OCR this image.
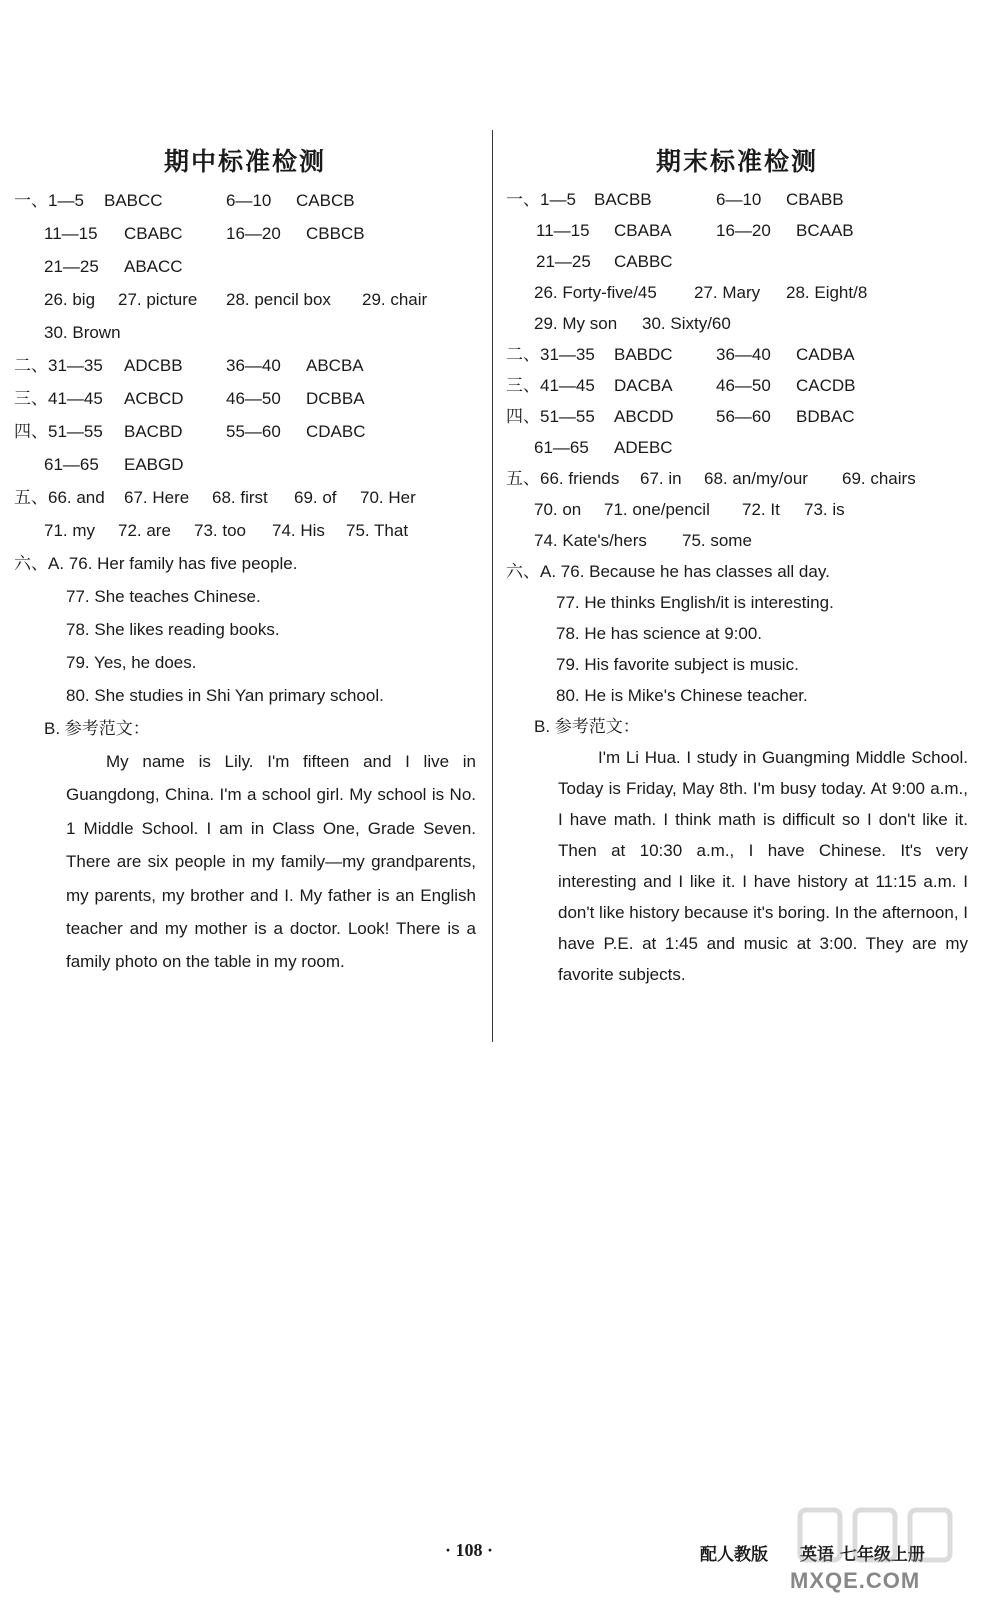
期中标准检测
一、1—5 BABCC	6—10 CABCB
11—15 CBABC	16—20 CBBCB
21—25 ABACC
26. big 27. picture 28. pencil box 29. chair
30. Brown
二、31—35 ADCBB	36—40 ABCBA
三、41—45 ACBCD 46—50 DCBBA
四、51—55 BACBD	55—60 CDABC
61—65 EABGD
五、66. and 67. Here 68. first 69. of 70. Her
71. my 72. are 73. too 74. His 75. That
六、A. 76. Her family has five people.
77. She teaches Chinese.
78. She likes reading books.
79. Yes, he does.
80. She studies in Shi Yan primary school.
B. 参考范文：

My name is Lily. I'm fifteen and I live in Guangdong, China. I'm a school girl. My school is No. 1 Middle School. I am in Class One, Grade Seven. There are six people in my family—my grandparents, my parents, my brother and I. My father is an English teacher and my mother is a doctor. Look! There is a family photo on the table in my room.

期末标准检测
一、1—5 BACBB	6—10 CBABB
11—15 CBABA	16—20 BCAAB
21—25 CABBC
26. Forty-five/45 27. Mary 28. Eight/8
29. My son 30. Sixty/60
二、31—35 BABDC	36—40 CADBA
三、41—45 DACBA	46—50 CACDB
四、51—55 ABCDD 56—60 BDBAC
61—65 ADEBC
五、66. friends 67. in 68. an/my/our 69. chairs
70. on 71. one/pencil 72. It 73. is
74. Kate's/hers 75. some
六、A. 76. Because he has classes all day.
77. He thinks English/it is interesting.
78. He has science at 9:00.
79. His favorite subject is music.
80. He is Mike's Chinese teacher.
B. 参考范文：

I'm Li Hua. I study in Guangming Middle School. Today is Friday, May 8th. I'm busy today. At 9:00 a.m., I have math. I think math is difficult so I don't like it. Then at 10:30 a.m., I have Chinese. It's very interesting and I like it. I have history at 11:15 a.m. I don't like history because it's boring. In the afternoon, I have P.E. at 1:45 and music at 3:00. They are my favorite subjects.

· 108 ·	配人教版 英语 七年级上册
MXQE.COM
